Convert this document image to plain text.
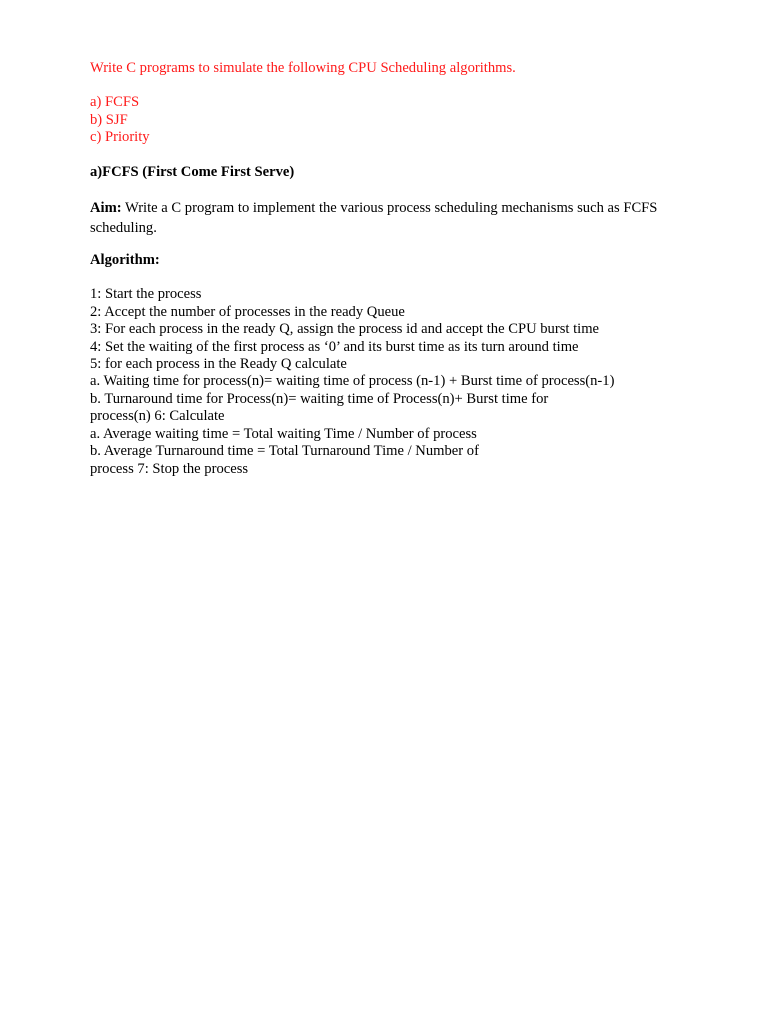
Write C programs to simulate the following CPU Scheduling algorithms.
a) FCFS
b) SJF
c) Priority
a)FCFS (First Come First Serve)
Aim: Write a C program to implement the various process scheduling mechanisms such as FCFS scheduling.
Algorithm:
1: Start the process
2: Accept the number of processes in the ready Queue
3: For each process in the ready Q, assign the process id and accept the CPU burst time
4: Set the waiting of the first process as ‘0’ and its burst time as its turn around time
5: for each process in the Ready Q calculate
a. Waiting time for process(n)= waiting time of process (n-1) + Burst time of process(n-1)
b. Turnaround time for Process(n)= waiting time of Process(n)+ Burst time for
process(n) 6: Calculate
a. Average waiting time = Total waiting Time / Number of process
b. Average Turnaround time = Total Turnaround Time / Number of
process 7: Stop the process
